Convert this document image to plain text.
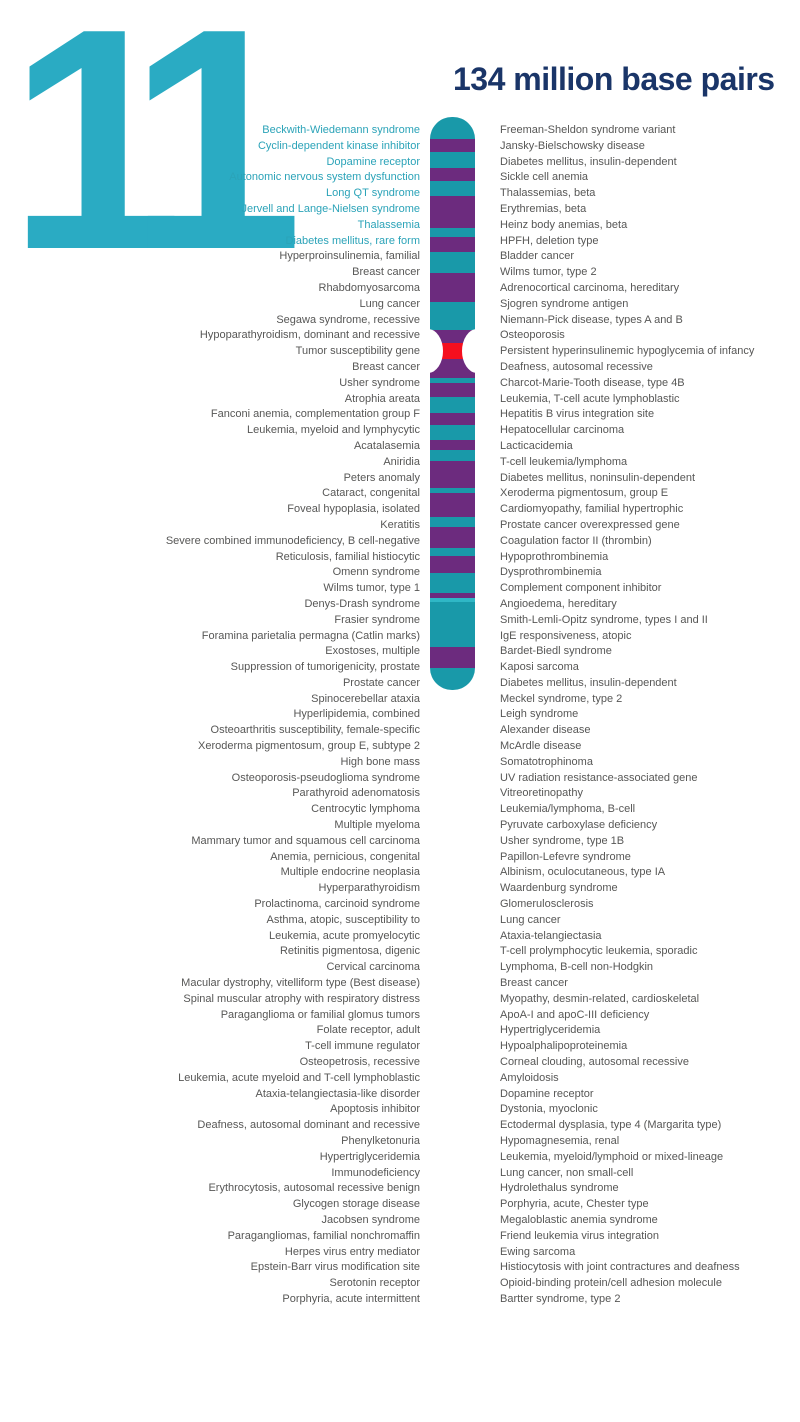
11	134 million base pairs
Beckwith-Wiedemann syndrome	Freeman-Sheldon syndrome variant
Cyclin-dependent kinase inhibitor	Jansky-Bielschowsky disease
Dopamine receptor	Diabetes mellitus, insulin-dependent
Autonomic nervous system dysfunction	Sickle cell anemia
Long QT syndrome	Thalassemias, beta
Jervell and Lange-Nielsen syndrome	Erythremias, beta
Thalassemia	Heinz body anemias, beta
Diabetes mellitus, rare form	HPFH, deletion type
Hyperproinsulinemia, familial	Bladder cancer
Breast cancer	Wilms tumor, type 2
Rhabdomyosarcoma	Adrenocortical carcinoma, hereditary
Lung cancer	Sjogren syndrome antigen
Segawa syndrome, recessive	Niemann-Pick disease, types A and B
Hypoparathyroidism, dominant and recessive	Osteoporosis
Tumor susceptibility gene	Persistent hyperinsulinemic hypoglycemia of infancy
Breast cancer	Deafness, autosomal recessive
Usher syndrome	Charcot-Marie-Tooth disease, type 4B
Atrophia areata	Leukemia, T-cell acute lymphoblastic
Fanconi anemia, complementation group F	Hepatitis B virus integration site
Leukemia, myeloid and lymphycytic	Hepatocellular carcinoma
Acatalasemia	Lacticacidemia
Aniridia	T-cell leukemia/lymphoma
Peters anomaly	Diabetes mellitus, noninsulin-dependent
Cataract, congenital	Xeroderma pigmentosum, group E
Foveal hypoplasia, isolated	Cardiomyopathy, familial hypertrophic
Keratitis	Prostate cancer overexpressed gene
Severe combined immunodeficiency, B cell-negative	Coagulation factor II (thrombin)
Reticulosis, familial histiocytic	Hypoprothrombinemia
Omenn syndrome	Dysprothrombinemia
Wilms tumor, type 1	Complement component inhibitor
Denys-Drash syndrome	Angioedema, hereditary
Frasier syndrome	Smith-Lemli-Opitz syndrome, types I and II
Foramina parietalia permagna (Catlin marks)	IgE responsiveness, atopic
Exostoses, multiple	Bardet-Biedl syndrome
Suppression of tumorigenicity, prostate	Kaposi sarcoma
Prostate cancer	Diabetes mellitus, insulin-dependent
Spinocerebellar ataxia	Meckel syndrome, type 2
Hyperlipidemia, combined	Leigh syndrome
Osteoarthritis susceptibility, female-specific	Alexander disease
Xeroderma pigmentosum, group E, subtype 2	McArdle disease
High bone mass	Somatotrophinoma
Osteoporosis-pseudoglioma syndrome	UV radiation resistance-associated gene
Parathyroid adenomatosis	Vitreoretinopathy
Centrocytic lymphoma	Leukemia/lymphoma, B-cell
Multiple myeloma	Pyruvate carboxylase deficiency
Mammary tumor and squamous cell carcinoma	Usher syndrome, type 1B
Anemia, pernicious, congenital	Papillon-Lefevre syndrome
Multiple endocrine neoplasia	Albinism, oculocutaneous, type IA
Hyperparathyroidism	Waardenburg syndrome
Prolactinoma, carcinoid syndrome	Glomerulosclerosis
Asthma, atopic, susceptibility to	Lung cancer
Leukemia, acute promyelocytic	Ataxia-telangiectasia
Retinitis pigmentosa, digenic	T-cell prolymphocytic leukemia, sporadic
Cervical carcinoma	Lymphoma, B-cell non-Hodgkin
Macular dystrophy, vitelliform type (Best disease)	Breast cancer
Spinal muscular atrophy with respiratory distress	Myopathy, desmin-related, cardioskeletal
Paraganglioma or familial glomus tumors	ApoA-I and apoC-III deficiency
Folate receptor, adult	Hypertriglyceridemia
T-cell immune regulator	Hypoalphalipoproteinemia
Osteopetrosis, recessive	Corneal clouding, autosomal recessive
Leukemia, acute myeloid and T-cell lymphoblastic	Amyloidosis
Ataxia-telangiectasia-like disorder	Dopamine receptor
Apoptosis inhibitor	Dystonia, myoclonic
Deafness, autosomal dominant and recessive	Ectodermal dysplasia, type 4 (Margarita type)
Phenylketonuria	Hypomagnesemia, renal
Hypertriglyceridemia	Leukemia, myeloid/lymphoid or mixed-lineage
Immunodeficiency	Lung cancer, non small-cell
Erythrocytosis, autosomal recessive benign	Hydrolethalus syndrome
Glycogen storage disease	Porphyria, acute, Chester type
Jacobsen syndrome	Megaloblastic anemia syndrome
Paragangliomas, familial nonchromaffin	Friend leukemia virus integration
Herpes virus entry mediator	Ewing sarcoma
Epstein-Barr virus modification site	Histiocytosis with joint contractures and deafness
Serotonin receptor	Opioid-binding protein/cell adhesion molecule
Porphyria, acute intermittent	Bartter syndrome, type 2
